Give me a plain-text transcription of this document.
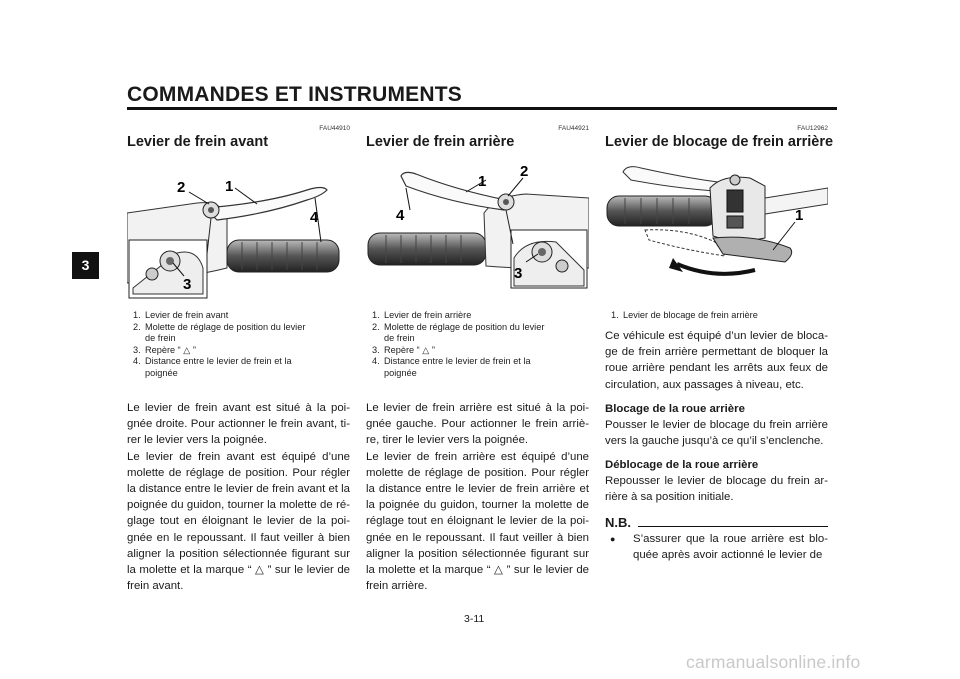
COMMANDES ET INSTRUMENTS
3
FAU44910
Levier de frein avant
2	1
4
3
1. Levier de frein avant
2. Molette de réglage de position du levier
de frein
3. Repère “ △ ”
4. Distance entre le levier de frein et la
poignée

Le levier de frein avant est situé à la poi-gnée droite. Pour actionner le frein avant, ti-rer le levier vers la poignée.

Le levier de frein avant est équipé d’une molette de réglage de position. Pour régler la distance entre le levier de frein avant et la poignée du guidon, tourner la molette de ré-glage tout en éloignant le levier de la poi-gnée en le repoussant. Il faut veiller à bien aligner la position sélectionnée figurant sur la molette et la marque “ △ ” sur le levier de frein avant.

FAU44921
Levier de frein arrière
2
1
4
3
1. Levier de frein arrière
2. Molette de réglage de position du levier
de frein
3. Repère “ △ ”
4. Distance entre le levier de frein et la
poignée

Le levier de frein arrière est situé à la poi-gnée gauche. Pour actionner le frein arriè-re, tirer le levier vers la poignée.

Le levier de frein arrière est équipé d’une molette de réglage de position. Pour régler la distance entre le levier de frein arrière et la poignée du guidon, tourner la molette de réglage tout en éloignant le levier de la poi-gnée en le repoussant. Il faut veiller à bien aligner la position sélectionnée figurant sur la molette et la marque “ △ ” sur le levier de frein arrière.

FAU12962
Levier de blocage de frein arrière
1
1. Levier de blocage de frein arrière

Ce véhicule est équipé d’un levier de bloca-ge de frein arrière permettant de bloquer la roue arrière pendant les arrêts aux feux de circulation, aux passages à niveau, etc.

Blocage de la roue arrière

Pousser le levier de blocage du frein arrière vers la gauche jusqu’à ce qu’il s’enclenche.

Déblocage de la roue arrière

Repousser le levier de blocage du frein ar-rière à sa position initiale.

N.B.
●	S’assurer que la roue arrière est blo-quée après avoir actionné le levier de
3-11
carmanualsonline.info
